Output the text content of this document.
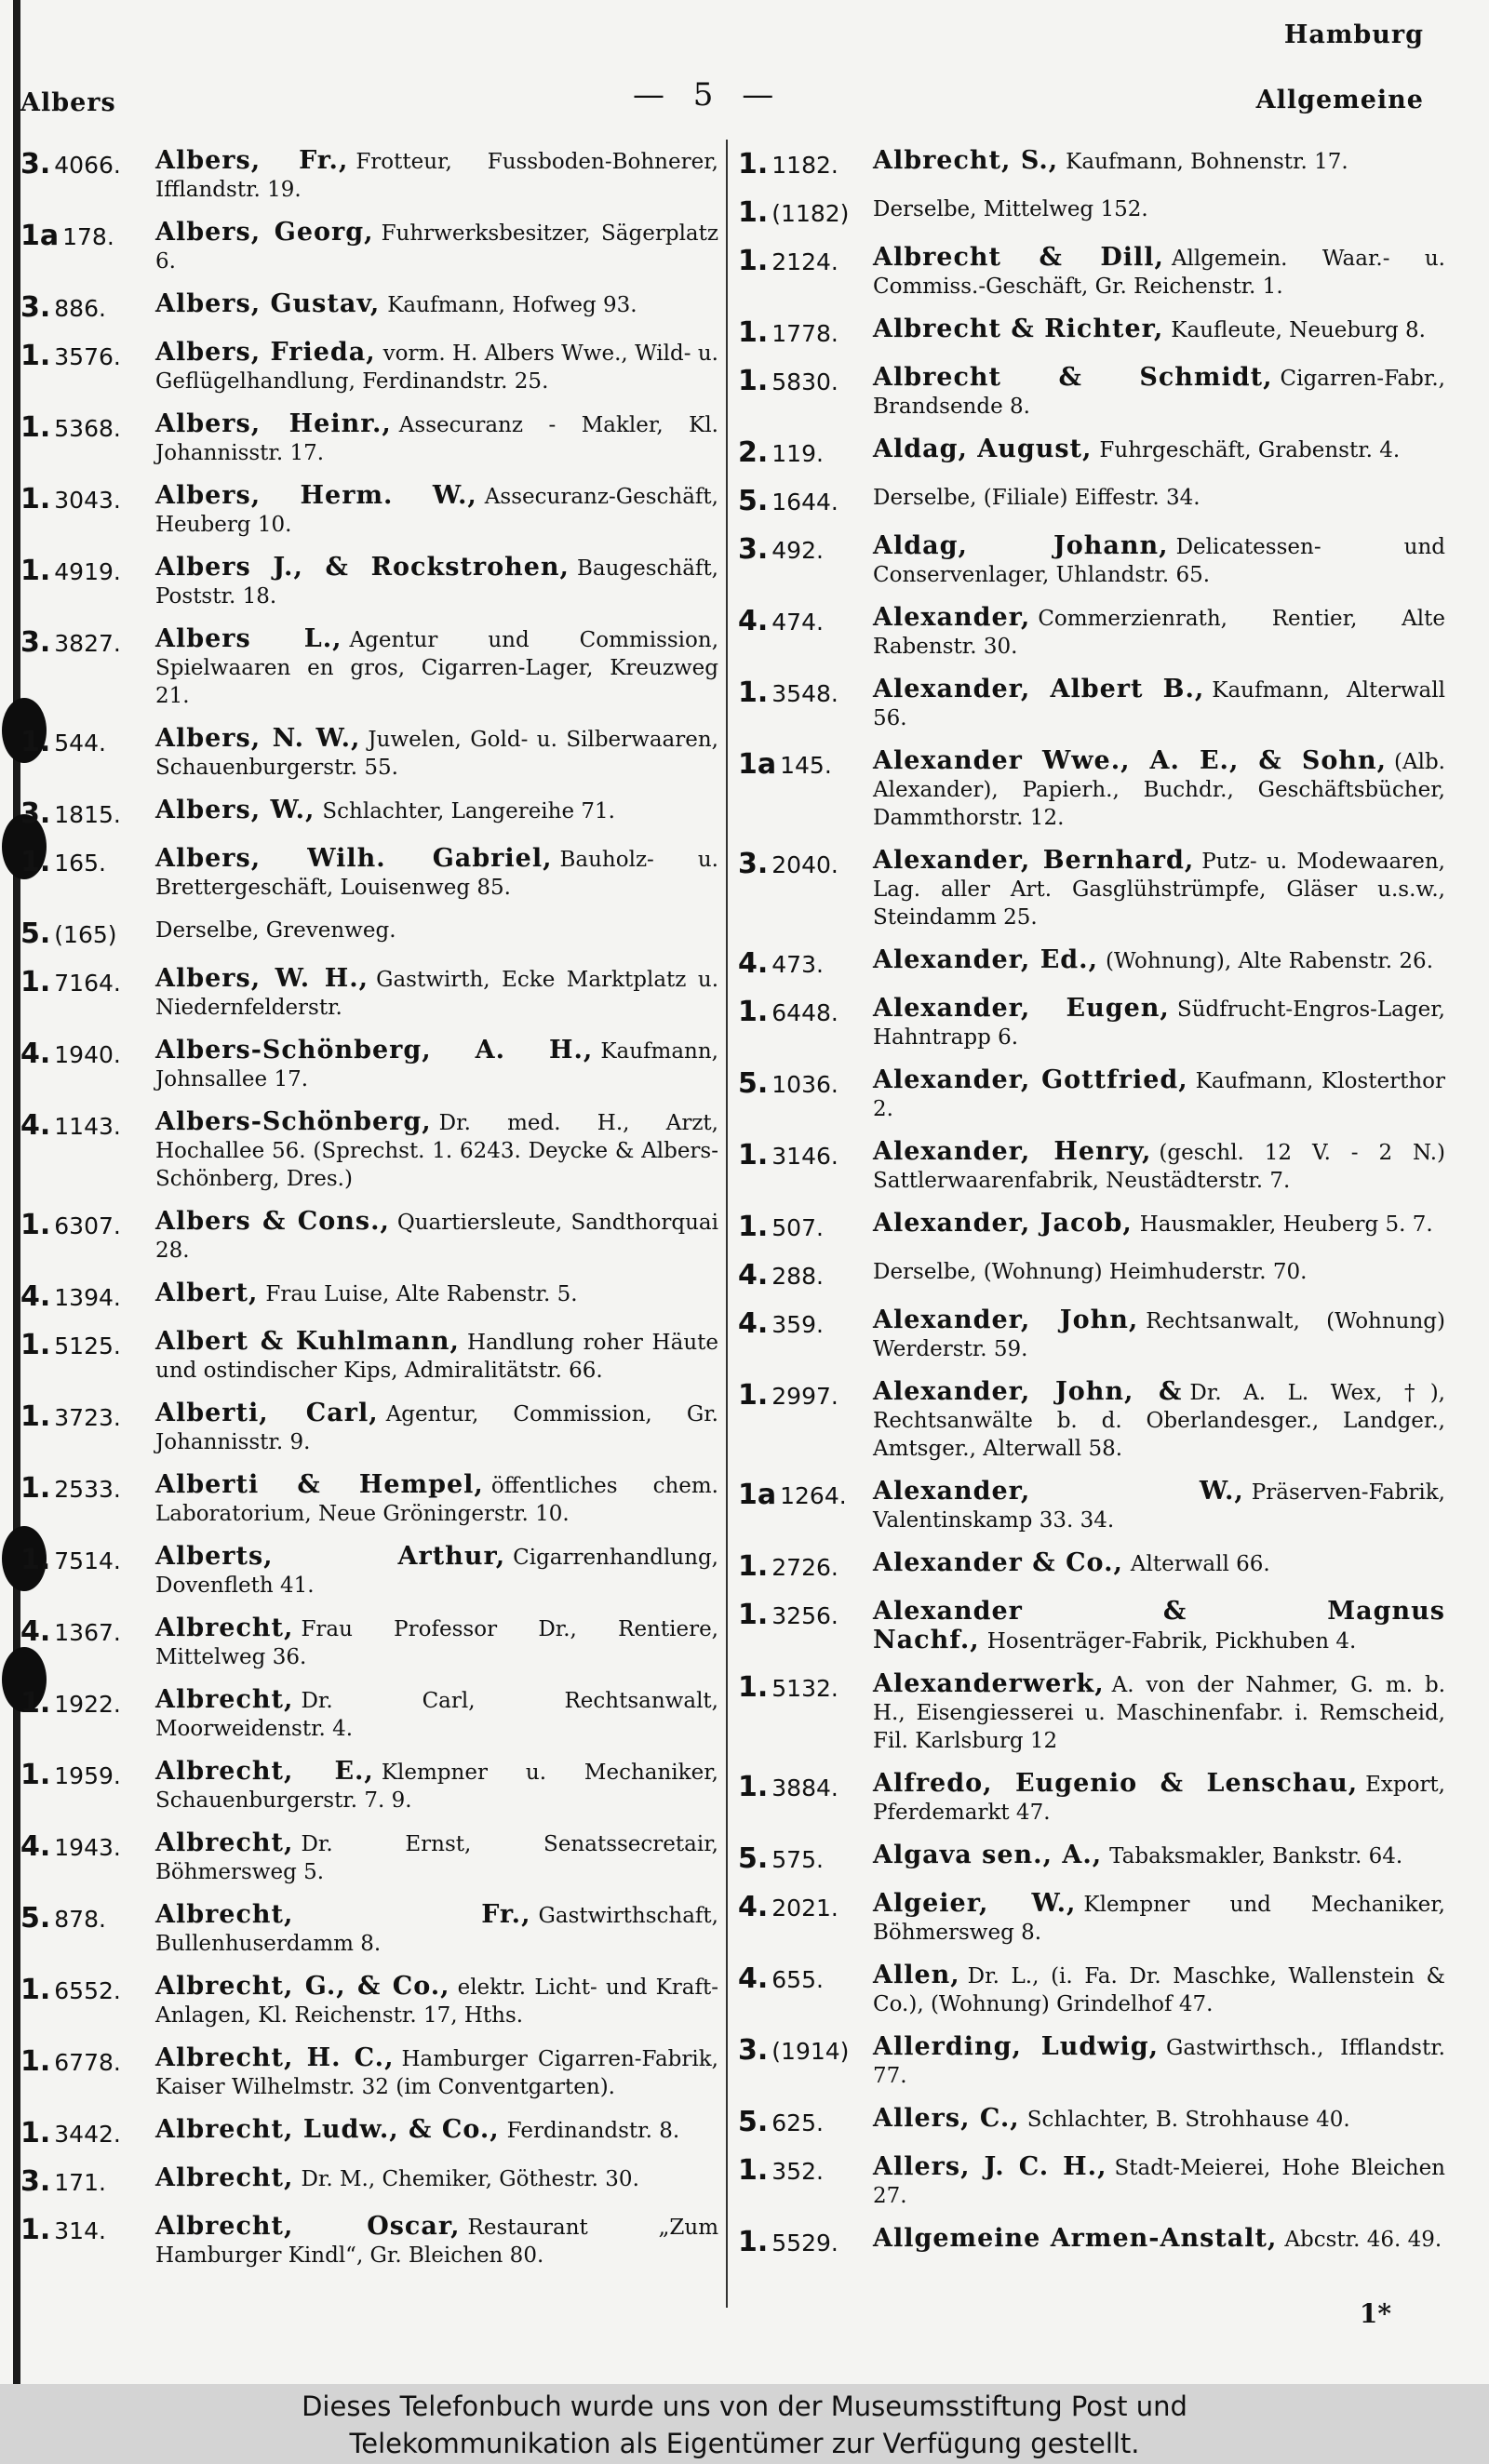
Hamburg
Albers	— 5 —	Allgemeine
3. 4066.	Albers, Fr., Frotteur, Fussboden-Bohnerer, Ifflandstr. 19.
1a 178.	Albers, Georg, Fuhrwerksbesitzer, Sägerplatz 6.
3. 886.	Albers, Gustav, Kaufmann, Hofweg 93.
1. 3576.	Albers, Frieda, vorm. H. Albers Wwe., Wild- u. Geflügelhandlung, Ferdinandstr. 25.
1. 5368.	Albers, Heinr., Assecuranz - Makler, Kl. Johannisstr. 17.
1. 3043.	Albers, Herm. W., Assecuranz-Geschäft, Heuberg 10.
1. 4919.	Albers J., & Rockstrohen, Baugeschäft, Poststr. 18.
3. 3827.	Albers L., Agentur und Commission, Spielwaaren en gros, Cigarren-Lager, Kreuzweg 21.
1. 544.	Albers, N. W., Juwelen, Gold- u. Silberwaaren, Schauenburgerstr. 55.
3. 1815.	Albers, W., Schlachter, Langereihe 71.
1. 165.	Albers, Wilh. Gabriel, Bauholz- u. Brettergeschäft, Louisenweg 85.
5. (165)	Derselbe, Grevenweg.
1. 7164.	Albers, W. H., Gastwirth, Ecke Marktplatz u. Niedernfelderstr.
4. 1940.	Albers-Schönberg, A. H., Kaufmann, Johnsallee 17.
4. 1143.	Albers-Schönberg, Dr. med. H., Arzt, Hochallee 56. (Sprechst. 1. 6243. Deycke & Albers-Schönberg, Dres.)
1. 6307.	Albers & Cons., Quartiersleute, Sandthorquai 28.
4. 1394.	Albert, Frau Luise, Alte Rabenstr. 5.
1. 5125.	Albert & Kuhlmann, Handlung roher Häute und ostindischer Kips, Admiralitätstr. 66.
1. 3723.	Alberti, Carl, Agentur, Commission, Gr. Johannisstr. 9.
1. 2533.	Alberti & Hempel, öffentliches chem. Laboratorium, Neue Gröningerstr. 10.
1. 7514.	Alberts, Arthur, Cigarrenhandlung, Dovenfleth 41.
4. 1367.	Albrecht, Frau Professor Dr., Rentiere, Mittelweg 36.
1. 1922.	Albrecht, Dr. Carl, Rechtsanwalt, Moorweidenstr. 4.
1. 1959.	Albrecht, E., Klempner u. Mechaniker, Schauenburgerstr. 7. 9.
4. 1943.	Albrecht, Dr. Ernst, Senatssecretair, Böhmersweg 5.
5. 878.	Albrecht, Fr., Gastwirthschaft, Bullenhuserdamm 8.
1. 6552.	Albrecht, G., & Co., elektr. Licht- und Kraft-Anlagen, Kl. Reichenstr. 17, Hths.
1. 6778.	Albrecht, H. C., Hamburger Cigarren-Fabrik, Kaiser Wilhelmstr. 32 (im Conventgarten).
1. 3442.	Albrecht, Ludw., & Co., Ferdinandstr. 8.
3. 171.	Albrecht, Dr. M., Chemiker, Göthestr. 30.
1. 314.	Albrecht, Oscar, Restaurant „Zum Hamburger Kindl“, Gr. Bleichen 80.
1. 1182.	Albrecht, S., Kaufmann, Bohnenstr. 17.
1. (1182)	Derselbe, Mittelweg 152.
1. 2124.	Albrecht & Dill, Allgemein. Waar.- u. Commiss.-Geschäft, Gr. Reichenstr. 1.
1. 1778.	Albrecht & Richter, Kaufleute, Neueburg 8.
1. 5830.	Albrecht & Schmidt, Cigarren-Fabr., Brandsende 8.
2. 119.	Aldag, August, Fuhrgeschäft, Grabenstr. 4.
5. 1644.	Derselbe, (Filiale) Eiffestr. 34.
3. 492.	Aldag, Johann, Delicatessen- und Conservenlager, Uhlandstr. 65.
4. 474.	Alexander, Commerzienrath, Rentier, Alte Rabenstr. 30.
1. 3548.	Alexander, Albert B., Kaufmann, Alterwall 56.
1a 145.	Alexander Wwe., A. E., & Sohn, (Alb. Alexander), Papierh., Buchdr., Geschäftsbücher, Dammthorstr. 12.
3. 2040.	Alexander, Bernhard, Putz- u. Modewaaren, Lag. aller Art. Gasglühstrümpfe, Gläser u.s.w., Steindamm 25.
4. 473.	Alexander, Ed., (Wohnung), Alte Rabenstr. 26.
1. 6448.	Alexander, Eugen, Südfrucht-Engros-Lager, Hahntrapp 6.
5. 1036.	Alexander, Gottfried, Kaufmann, Klosterthor 2.
1. 3146.	Alexander, Henry, (geschl. 12 V. - 2 N.) Sattlerwaarenfabrik, Neustädterstr. 7.
1. 507.	Alexander, Jacob, Hausmakler, Heuberg 5. 7.
4. 288.	Derselbe, (Wohnung) Heimhuderstr. 70.
4. 359.	Alexander, John, Rechtsanwalt, (Wohnung) Werderstr. 59.
1. 2997.	Alexander, John, & Dr. A. L. Wex, †), Rechtsanwälte b. d. Oberlandesger., Landger., Amtsger., Alterwall 58.
1a 1264.	Alexander, W., Präserven-Fabrik, Valentinskamp 33. 34.
1. 2726.	Alexander & Co., Alterwall 66.
1. 3256.	Alexander & Magnus Nachf., Hosenträger-Fabrik, Pickhuben 4.
1. 5132.	Alexanderwerk, A. von der Nahmer, G. m. b. H., Eisengiesserei u. Maschinenfabr. i. Remscheid, Fil. Karlsburg 12
1. 3884.	Alfredo, Eugenio & Lenschau, Export, Pferdemarkt 47.
5. 575.	Algava sen., A., Tabaksmakler, Bankstr. 64.
4. 2021.	Algeier, W., Klempner und Mechaniker, Böhmersweg 8.
4. 655.	Allen, Dr. L., (i. Fa. Dr. Maschke, Wallenstein & Co.), (Wohnung) Grindelhof 47.
3. (1914) Allerding, Ludwig, Gastwirthsch., Ifflandstr. 77.
5. 625.	Allers, C., Schlachter, B. Strohhause 40.
1. 352.	Allers, J. C. H., Stadt-Meierei, Hohe Bleichen 27.
1. 5529.	Allgemeine Armen-Anstalt, Abcstr. 46. 49.
1*
Dieses Telefonbuch wurde uns von der Museumsstiftung Post und
Telekommunikation als Eigentümer zur Verfügung gestellt.
